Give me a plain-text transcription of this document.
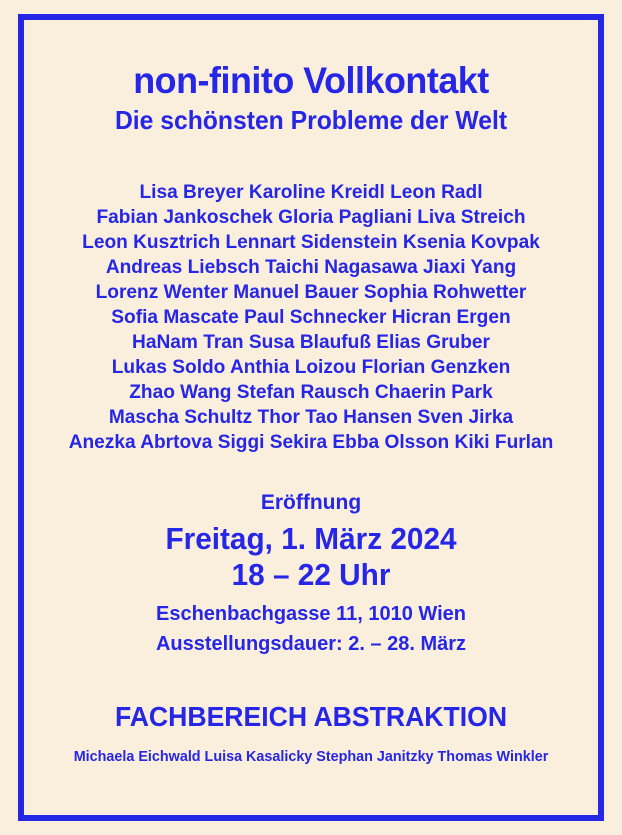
non-finito Vollkontakt
Die schönsten Probleme der Welt
Lisa Breyer Karoline Kreidl Leon Radl
Fabian Jankoschek Gloria Pagliani Liva Streich
Leon Kusztrich Lennart Sidenstein Ksenia Kovpak
Andreas Liebsch Taichi Nagasawa Jiaxi Yang
Lorenz Wenter Manuel Bauer Sophia Rohwetter
Sofia Mascate Paul Schnecker Hicran Ergen
HaNam Tran Susa Blaufuß Elias Gruber
Lukas Soldo Anthia Loizou Florian Genzken
Zhao Wang Stefan Rausch Chaerin Park
Mascha Schultz Thor Tao Hansen Sven Jirka
Anezka Abrtova Siggi Sekira Ebba Olsson Kiki Furlan
Eröffnung
Freitag, 1. März 2024
18 – 22 Uhr
Eschenbachgasse 11, 1010 Wien
Ausstellungsdauer: 2. – 28. März
FACHBEREICH ABSTRAKTION
Michaela Eichwald Luisa Kasalicky Stephan Janitzky Thomas Winkler
